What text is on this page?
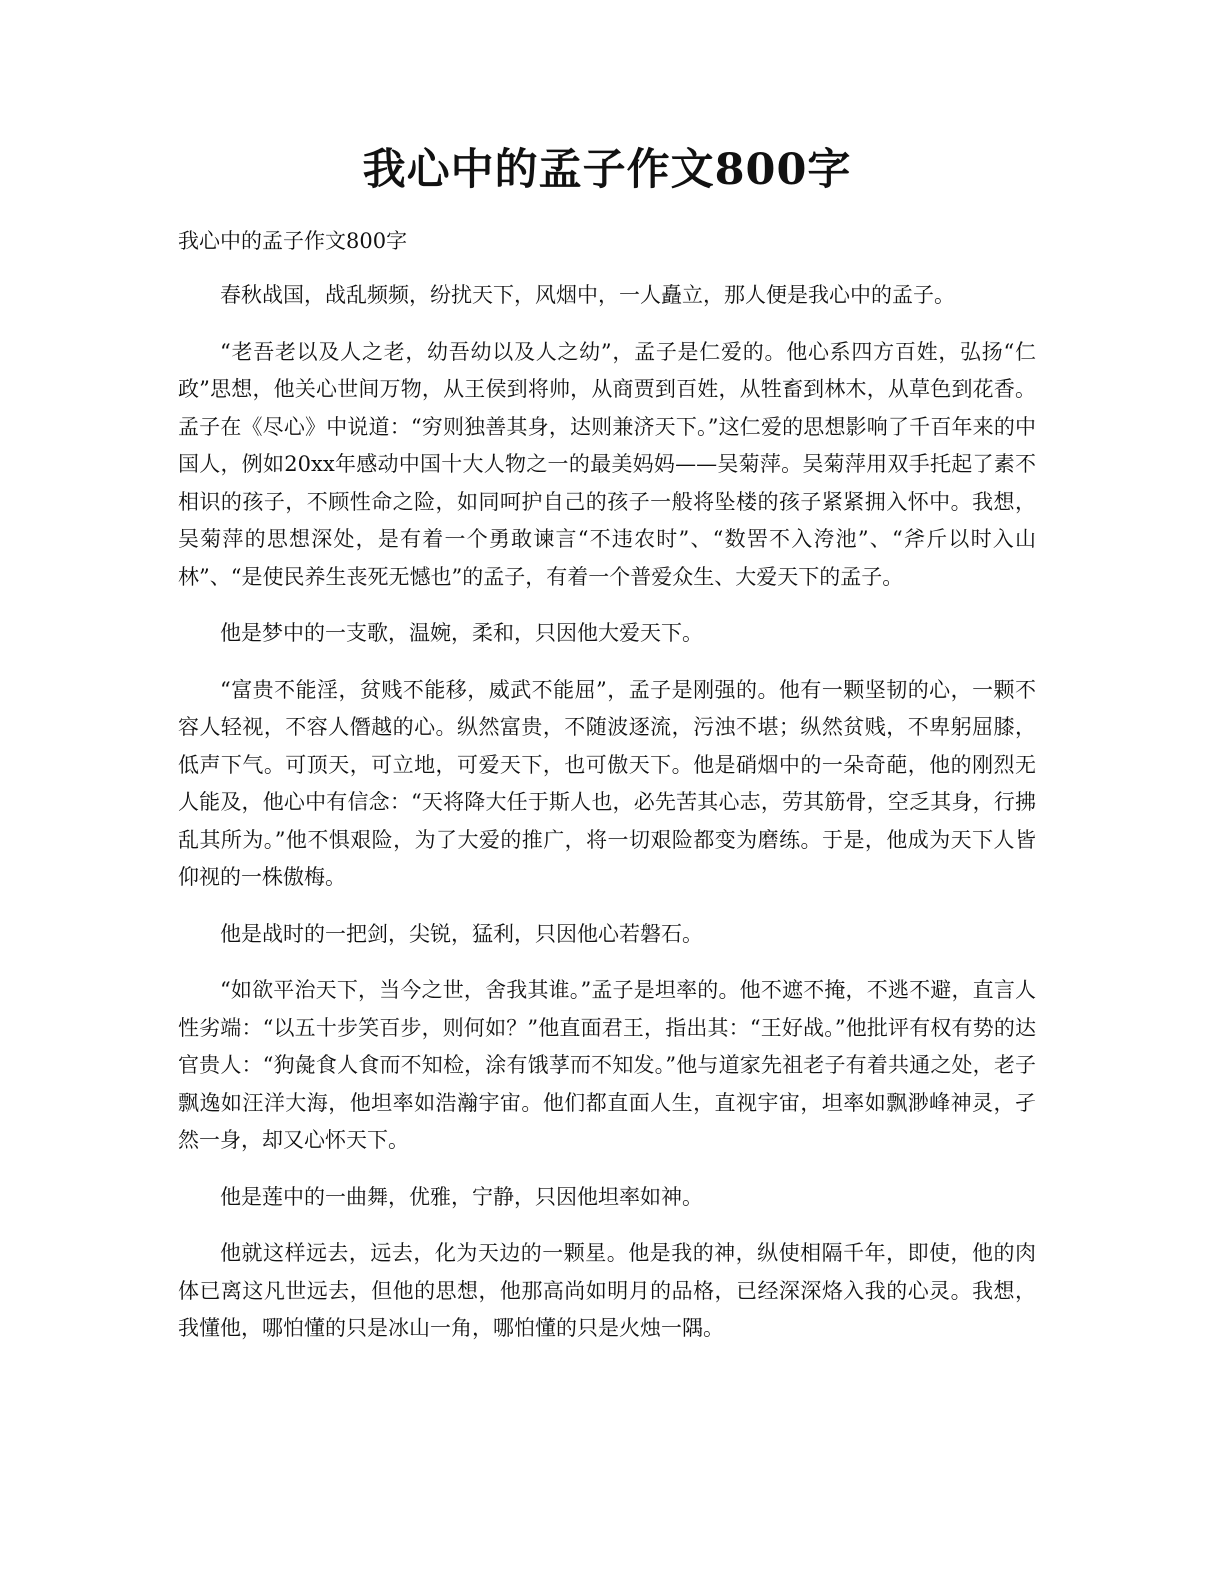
我心中的孟子作文800字

我心中的孟子作文800字

春秋战国，战乱频频，纷扰天下，风烟中，一人矗立，那人便是我心中的孟子。

“老吾老以及人之老，幼吾幼以及人之幼”，孟子是仁爱的。他心系四方百姓，弘扬“仁政”思想，他关心世间万物，从王侯到将帅，从商贾到百姓，从牲畜到林木，从草色到花香。孟子在《尽心》中说道：“穷则独善其身，达则兼济天下。”这仁爱的思想影响了千百年来的中国人，例如20xx年感动中国十大人物之一的最美妈妈——吴菊萍。吴菊萍用双手托起了素不相识的孩子，不顾性命之险，如同呵护自己的孩子一般将坠楼的孩子紧紧拥入怀中。我想，吴菊萍的思想深处，是有着一个勇敢谏言“不违农时”、“数罟不入洿池”、“斧斤以时入山林”、“是使民养生丧死无憾也”的孟子，有着一个普爱众生、大爱天下的孟子。

他是梦中的一支歌，温婉，柔和，只因他大爱天下。

“富贵不能淫，贫贱不能移，威武不能屈”，孟子是刚强的。他有一颗坚韧的心，一颗不容人轻视，不容人僭越的心。纵然富贵，不随波逐流，污浊不堪；纵然贫贱，不卑躬屈膝，低声下气。可顶天，可立地，可爱天下，也可傲天下。他是硝烟中的一朵奇葩，他的刚烈无人能及，他心中有信念：“天将降大任于斯人也，必先苦其心志，劳其筋骨，空乏其身，行拂乱其所为。”他不惧艰险，为了大爱的推广，将一切艰险都变为磨练。于是，他成为天下人皆仰视的一株傲梅。

他是战时的一把剑，尖锐，猛利，只因他心若磐石。

“如欲平治天下，当今之世，舍我其谁。”孟子是坦率的。他不遮不掩，不逃不避，直言人性劣端：“以五十步笑百步，则何如？”他直面君王，指出其：“王好战。”他批评有权有势的达官贵人：“狗彘食人食而不知检，涂有饿莩而不知发。”他与道家先祖老子有着共通之处，老子飘逸如汪洋大海，他坦率如浩瀚宇宙。他们都直面人生，直视宇宙，坦率如飘渺峰神灵，孑然一身，却又心怀天下。

他是莲中的一曲舞，优雅，宁静，只因他坦率如神。

他就这样远去，远去，化为天边的一颗星。他是我的神，纵使相隔千年，即使，他的肉体已离这凡世远去，但他的思想，他那高尚如明月的品格，已经深深烙入我的心灵。我想，我懂他，哪怕懂的只是冰山一角，哪怕懂的只是火烛一隅。
